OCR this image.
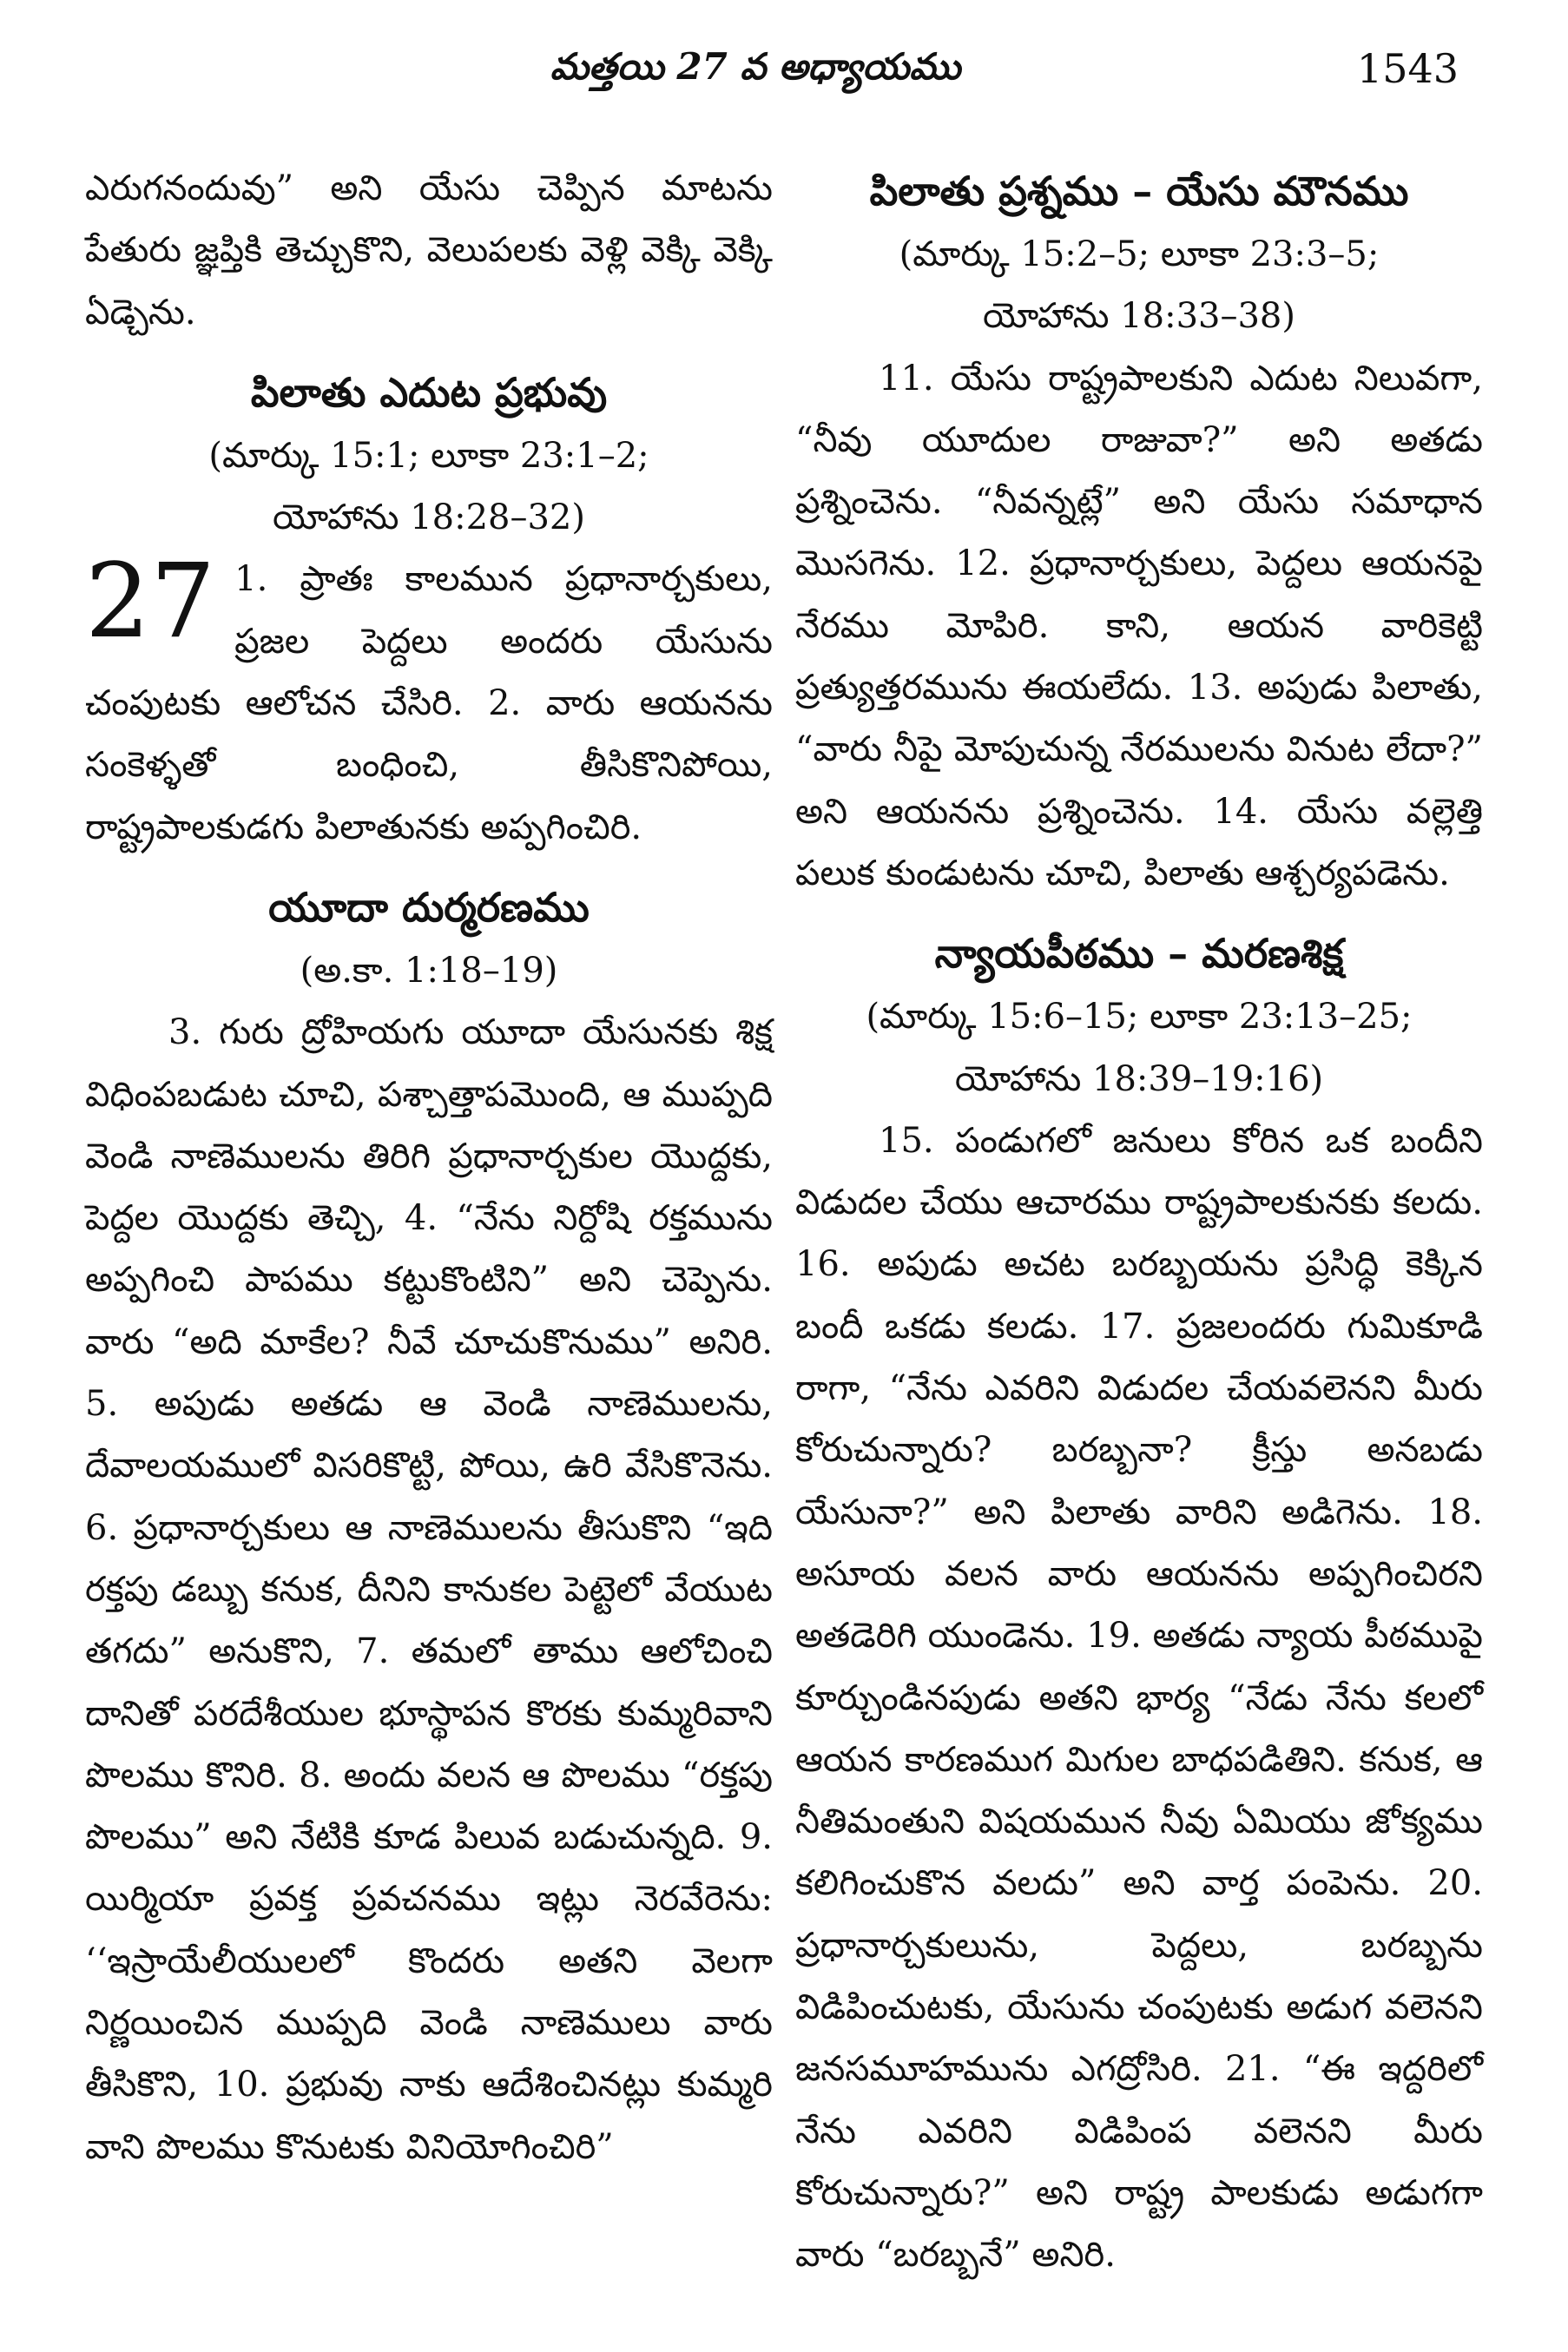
మత్తయి 27 వ అధ్యాయము	1543

ఎరుగనందువు” అని యేసు చెప్పిన మాటను పేతురు జ్ఞప్తికి తెచ్చుకొని, వెలుపలకు వెళ్లి వెక్కి వెక్కి ఏడ్చెను.

పిలాతు ఎదుట ప్రభువు
(మార్కు 15:1; లూకా 23:1–2;
యోహాను 18:28–32)

27 1. ప్రాతః కాలమున ప్రధానార్చకులు, ప్రజల పెద్దలు అందరు యేసును చంపుటకు ఆలోచన చేసిరి. 2. వారు ఆయనను సంకెళ్ళతో బంధించి, తీసికొనిపోయి, రాష్ట్రపాలకుడగు పిలాతునకు అప్పగించిరి.

యూదా దుర్మరణము
(అ.కా. 1:18–19)

3. గురు ద్రోహియగు యూదా యేసునకు శిక్ష విధింపబడుట చూచి, పశ్చాత్తాపమొంది, ఆ ముప్పది వెండి నాణెములను తిరిగి ప్రధానార్చకుల యొద్దకు, పెద్దల యొద్దకు తెచ్చి, 4. “నేను నిర్దోషి రక్తమును అప్పగించి పాపము కట్టుకొంటిని” అని చెప్పెను. వారు “అది మాకేల? నీవే చూచుకొనుము” అనిరి. 5. అపుడు అతడు ఆ వెండి నాణెములను, దేవాలయములో విసరికొట్టి, పోయి, ఉరి వేసికొనెను. 6. ప్రధానార్చకులు ఆ నాణెములను తీసుకొని “ఇది రక్తపు డబ్బు కనుక, దీనిని కానుకల పెట్టెలో వేయుట తగదు” అనుకొని, 7. తమలో తాము ఆలోచించి దానితో పరదేశీయుల భూస్థాపన కొరకు కుమ్మరివాని పొలము కొనిరి. 8. అందు వలన ఆ పొలము “రక్తపు పొలము” అని నేటికి కూడ పిలువ బడుచున్నది. 9. యిర్మియా ప్రవక్త ప్రవచనము ఇట్లు నెరవేరెను: ‘‘ఇస్రాయేలీయులలో కొందరు అతని వెలగా నిర్ణయించిన ముప్పది వెండి నాణెములు వారు తీసికొని, 10. ప్రభువు నాకు ఆదేశించినట్లు కుమ్మరి వాని పొలము కొనుటకు వినియోగించిరి”

పిలాతు ప్రశ్నము – యేసు మౌనము
(మార్కు 15:2–5; లూకా 23:3–5;
యోహాను 18:33–38)

11. యేసు రాష్ట్రపాలకుని ఎదుట నిలువగా, “నీవు యూదుల రాజువా?” అని అతడు ప్రశ్నించెను. “నీవన్నట్లే” అని యేసు సమాధాన మొసగెను. 12. ప్రధానార్చకులు, పెద్దలు ఆయనపై నేరము మోపిరి. కాని, ఆయన వారికెట్టి ప్రత్యుత్తరమును ఈయలేదు. 13. అపుడు పిలాతు, “వారు నీపై మోపుచున్న నేరములను వినుట లేదా?” అని ఆయనను ప్రశ్నించెను. 14. యేసు వల్లెత్తి పలుక కుండుటను చూచి, పిలాతు ఆశ్చర్యపడెను.

న్యాయపీఠము – మరణశిక్ష
(మార్కు 15:6–15; లూకా 23:13–25;
యోహాను 18:39–19:16)

15. పండుగలో జనులు కోరిన ఒక బందీని విడుదల చేయు ఆచారము రాష్ట్రపాలకునకు కలదు. 16. అపుడు అచట బరబ్బయను ప్రసిద్ధి కెక్కిన బందీ ఒకడు కలడు. 17. ప్రజలందరు గుమికూడి రాగా, “నేను ఎవరిని విడుదల చేయవలెనని మీరు కోరుచున్నారు? బరబ్బనా? క్రీస్తు అనబడు యేసునా?” అని పిలాతు వారిని అడిగెను. 18. అసూయ వలన వారు ఆయనను అప్పగించిరని అతడెరిగి యుండెను. 19. అతడు న్యాయ పీఠముపై కూర్చుండినపుడు అతని భార్య “నేడు నేను కలలో ఆయన కారణముగ మిగుల బాధపడితిని. కనుక, ఆ నీతిమంతుని విషయమున నీవు ఏమియు జోక్యము కలిగించుకొన వలదు” అని వార్త పంపెను. 20. ప్రధానార్చకులును, పెద్దలు, బరబ్బను విడిపించుటకు, యేసును చంపుటకు అడుగ వలెనని జనసమూహమును ఎగద్రోసిరి. 21. “ఈ ఇద్దరిలో నేను ఎవరిని విడిపింప వలెనని మీరు కోరుచున్నారు?” అని రాష్ట్ర పాలకుడు అడుగగా వారు “బరబ్బనే” అనిరి.
